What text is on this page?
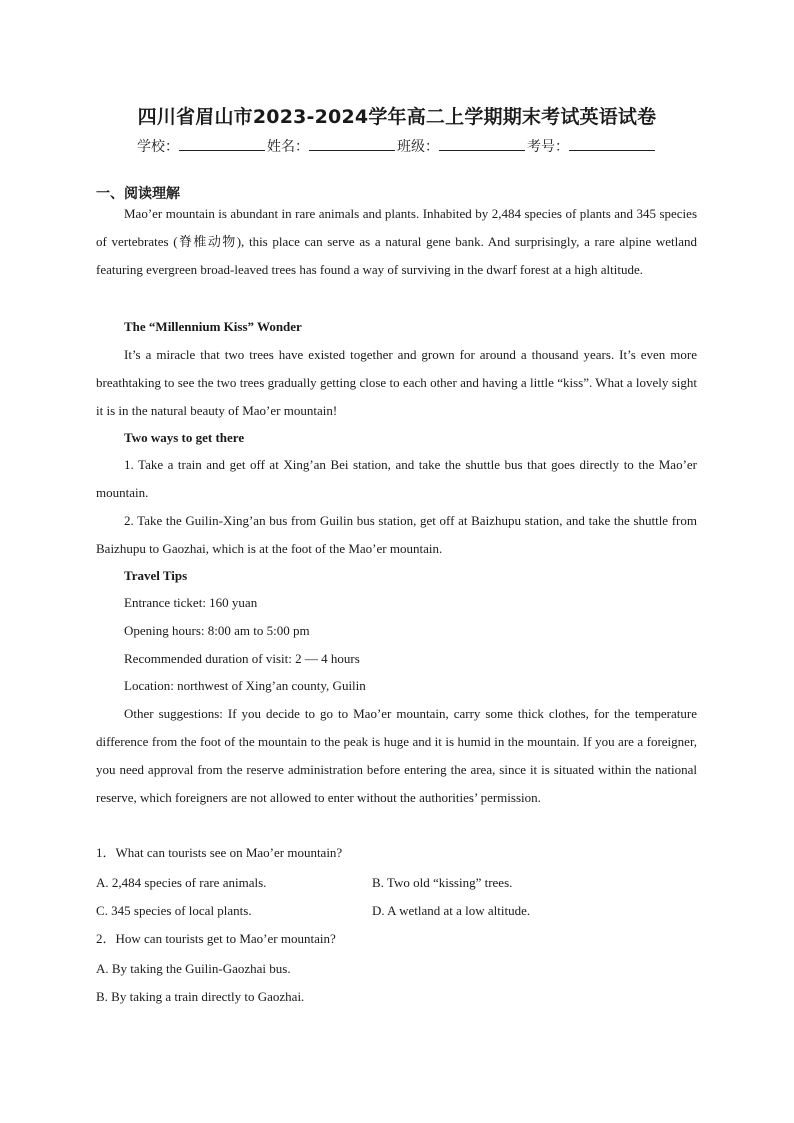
四川省眉山市2023-2024学年高二上学期期末考试英语试卷
学校：	姓名：	班级：	考号：
一、阅读理解
Mao’er mountain is abundant in rare animals and plants. Inhabited by 2,484 species of plants and 345 species of vertebrates (脊椎动物), this place can serve as a natural gene bank. And surprisingly, a rare alpine wetland featuring evergreen broad-leaved trees has found a way of surviving in the dwarf forest at a high altitude.
The “Millennium Kiss” Wonder
It’s a miracle that two trees have existed together and grown for around a thousand years. It’s even more breathtaking to see the two trees gradually getting close to each other and having a little “kiss”. What a lovely sight it is in the natural beauty of Mao’er mountain!
Two ways to get there
1. Take a train and get off at Xing’an Bei station, and take the shuttle bus that goes directly to the Mao’er mountain.
2. Take the Guilin-Xing’an bus from Guilin bus station, get off at Baizhupu station, and take the shuttle from Baizhupu to Gaozhai, which is at the foot of the Mao’er mountain.
Travel Tips
Entrance ticket: 160 yuan
Opening hours: 8:00 am to 5:00 pm
Recommended duration of visit: 2 — 4 hours
Location: northwest of Xing’an county, Guilin
Other suggestions: If you decide to go to Mao’er mountain, carry some thick clothes, for the temperature difference from the foot of the mountain to the peak is huge and it is humid in the mountain. If you are a foreigner, you need approval from the reserve administration before entering the area, since it is situated within the national reserve, which foreigners are not allowed to enter without the authorities’ permission.
1．What can tourists see on Mao’er mountain?
A. 2,484 species of rare animals.	B. Two old “kissing” trees.
C. 345 species of local plants.	D. A wetland at a low altitude.
2．How can tourists get to Mao’er mountain?
A. By taking the Guilin-Gaozhai bus.
B. By taking a train directly to Gaozhai.
